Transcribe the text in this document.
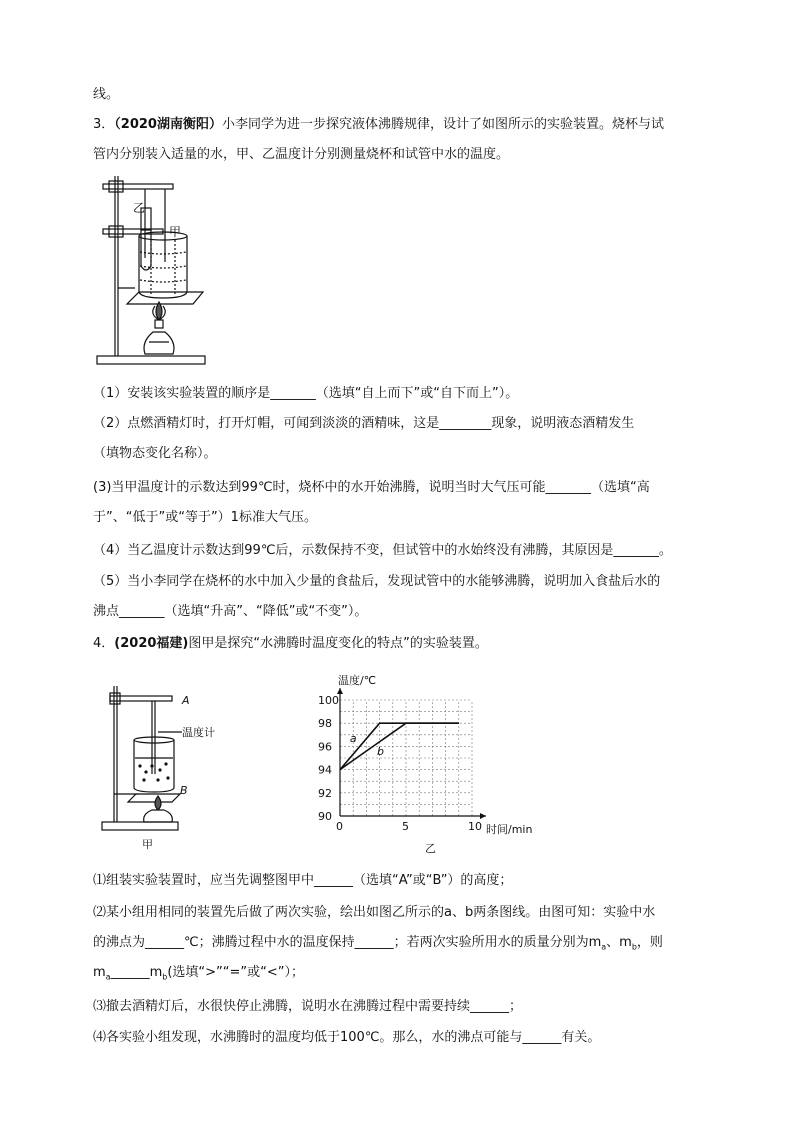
线。
3．（2020湖南衡阳）小李同学为进一步探究液体沸腾规律，设计了如图所示的实验装置。烧杯与试
管内分别装入适量的水，甲、乙温度计分别测量烧杯和试管中水的温度。
乙
甲
（1）安装该实验装置的顺序是_______（选填“自上而下”或“自下而上”）。
（2）点燃酒精灯时，打开灯帽，可闻到淡淡的酒精味，这是________现象，说明液态酒精发生
（填物态变化名称）。
(3)当甲温度计的示数达到99℃时，烧杯中的水开始沸腾，说明当时大气压可能_______（选填“高
于”、“低于”或“等于”）1标准大气压。
（4）当乙温度计示数达到99℃后，示数保持不变，但试管中的水始终没有沸腾，其原因是_______。
（5）当小李同学在烧杯的水中加入少量的食盐后，发现试管中的水能够沸腾，说明加入食盐后水的
沸点_______（选填“升高”、“降低”或“不变”）。
4．(2020福建)图甲是探究“水沸腾时温度变化的特点”的实验装置。
A
温度计
B
甲
0	5	10
90
92
94
96
98
100
a
b
温度/℃
时间/min
乙
⑴组装实验装置时，应当先调整图甲中______（选填“A”或“B”）的高度；
⑵某小组用相同的装置先后做了两次实验，绘出如图乙所示的a、b两条图线。由图可知：实验中水
的沸点为______℃；沸腾过程中水的温度保持______；若两次实验所用水的质量分别为$m_a$、$m_b$，则
$m_a\_\_\_\_\_\_m_b$(选填“>”“=”或“<”）；
⑶撤去酒精灯后，水很快停止沸腾，说明水在沸腾过程中需要持续______；
⑷各实验小组发现，水沸腾时的温度均低于100℃。那么，水的沸点可能与______有关。
